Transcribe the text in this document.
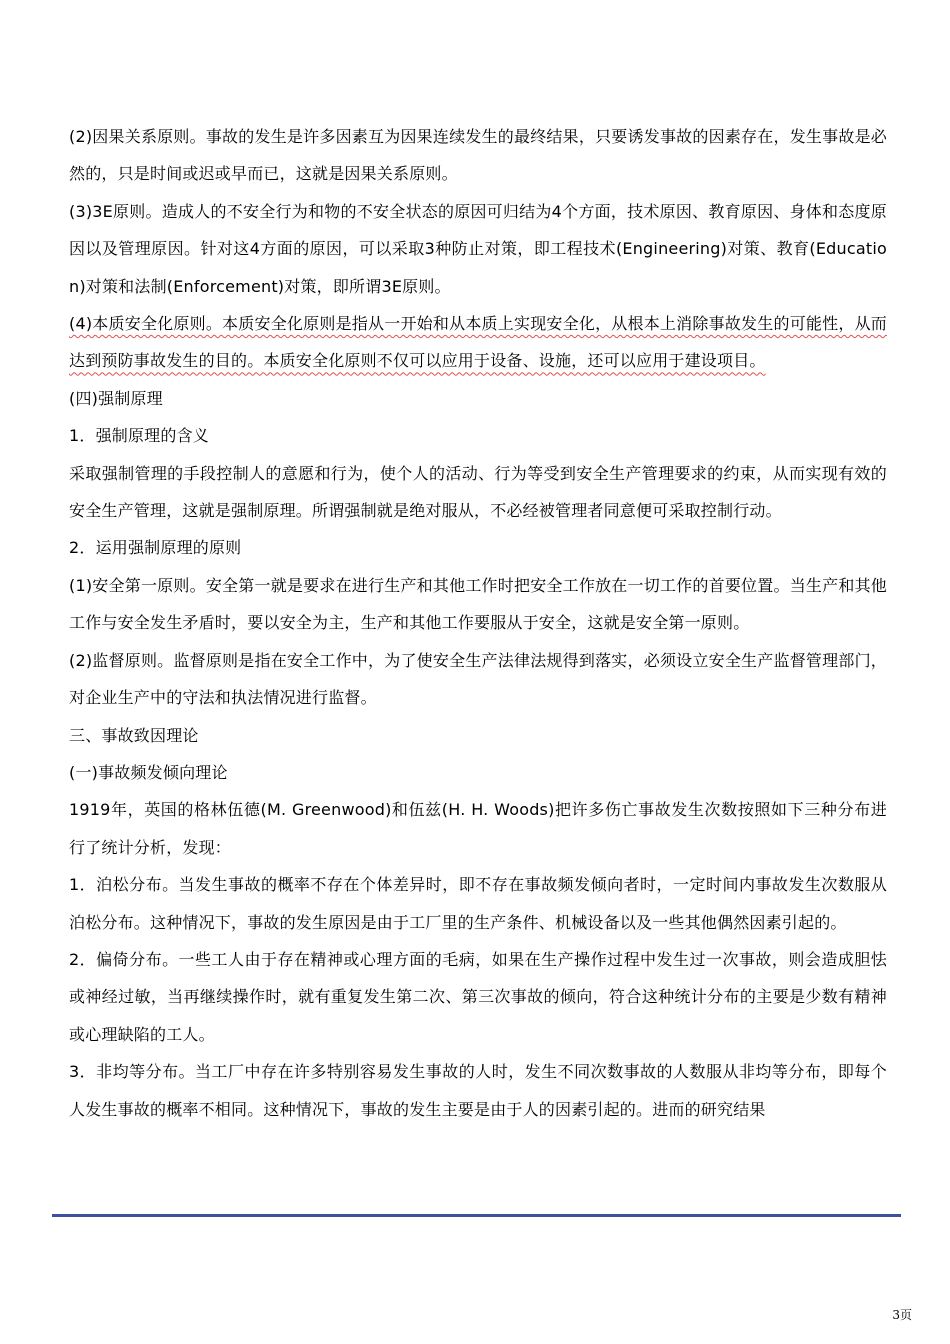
(2)因果关系原则。事故的发生是许多因素互为因果连续发生的最终结果，只要诱发事故的因素存在，发生事故是必然的，只是时间或迟或早而已，这就是因果关系原则。

(3)3E原则。造成人的不安全行为和物的不安全状态的原因可归结为4个方面，技术原因、教育原因、身体和态度原因以及管理原因。针对这4方面的原因，可以采取3种防止对策，即工程技术(Engineering)对策、教育(Education)对策和法制(Enforcement)对策，即所谓3E原则。

(4)本质安全化原则。本质安全化原则是指从一开始和从本质上实现安全化，从根本上消除事故发生的可能性，从而达到预防事故发生的目的。本质安全化原则不仅可以应用于设备、设施，还可以应用于建设项目。

(四)强制原理

1．强制原理的含义

采取强制管理的手段控制人的意愿和行为，使个人的活动、行为等受到安全生产管理要求的约束，从而实现有效的安全生产管理，这就是强制原理。所谓强制就是绝对服从，不必经被管理者同意便可采取控制行动。

2．运用强制原理的原则

(1)安全第一原则。安全第一就是要求在进行生产和其他工作时把安全工作放在一切工作的首要位置。当生产和其他工作与安全发生矛盾时，要以安全为主，生产和其他工作要服从于安全，这就是安全第一原则。

(2)监督原则。监督原则是指在安全工作中，为了使安全生产法律法规得到落实，必须设立安全生产监督管理部门，对企业生产中的守法和执法情况进行监督。

三、事故致因理论

(一)事故频发倾向理论

1919年，英国的格林伍德(M. Greenwood)和伍兹(H. H. Woods)把许多伤亡事故发生次数按照如下三种分布进行了统计分析，发现：

1．泊松分布。当发生事故的概率不存在个体差异时，即不存在事故频发倾向者时，一定时间内事故发生次数服从泊松分布。这种情况下，事故的发生原因是由于工厂里的生产条件、机械设备以及一些其他偶然因素引起的。

2．偏倚分布。一些工人由于存在精神或心理方面的毛病，如果在生产操作过程中发生过一次事故，则会造成胆怯或神经过敏，当再继续操作时，就有重复发生第二次、第三次事故的倾向，符合这种统计分布的主要是少数有精神或心理缺陷的工人。

3．非均等分布。当工厂中存在许多特别容易发生事故的人时，发生不同次数事故的人数服从非均等分布，即每个人发生事故的概率不相同。这种情况下，事故的发生主要是由于人的因素引起的。进而的研究结果

3页
